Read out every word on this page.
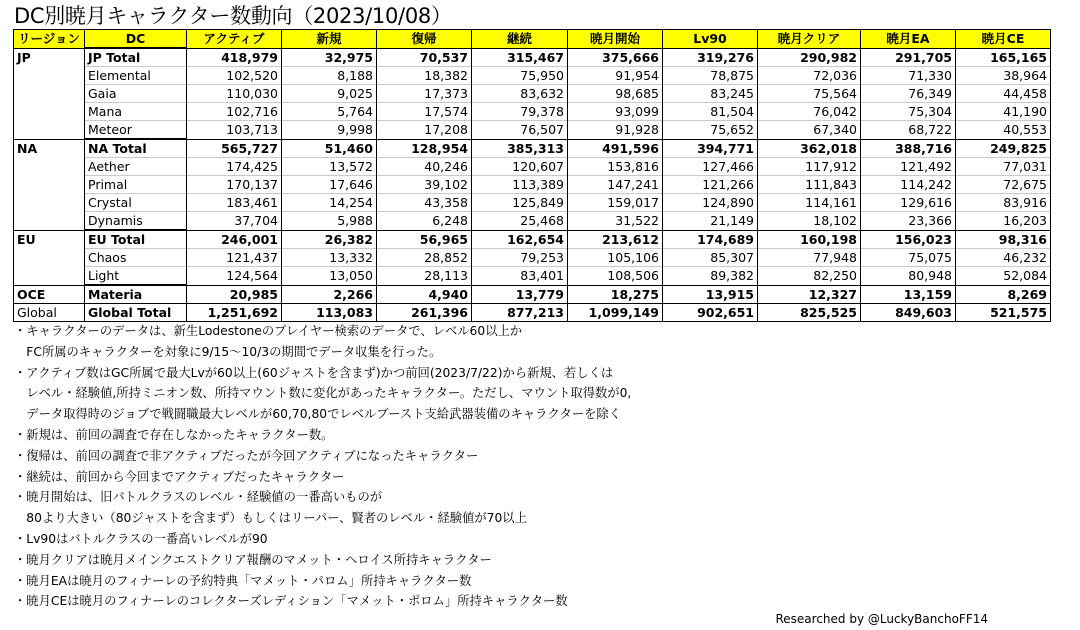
DC別暁月キャラクター数動向（2023/10/08）
リージョン	DC	アクティブ	新規	復帰	継続	暁月開始	Lv90	暁月クリア	暁月EA	暁月CE
JP	JP Total	418,979	32,975	70,537	315,467	375,666	319,276	290,982	291,705	165,165
	Elemental	102,520	8,188	18,382	75,950	91,954	78,875	72,036	71,330	38,964
	Gaia	110,030	9,025	17,373	83,632	98,685	83,245	75,564	76,349	44,458
	Mana	102,716	5,764	17,574	79,378	93,099	81,504	76,042	75,304	41,190
	Meteor	103,713	9,998	17,208	76,507	91,928	75,652	67,340	68,722	40,553
NA	NA Total	565,727	51,460	128,954	385,313	491,596	394,771	362,018	388,716	249,825
	Aether	174,425	13,572	40,246	120,607	153,816	127,466	117,912	121,492	77,031
	Primal	170,137	17,646	39,102	113,389	147,241	121,266	111,843	114,242	72,675
	Crystal	183,461	14,254	43,358	125,849	159,017	124,890	114,161	129,616	83,916
	Dynamis	37,704	5,988	6,248	25,468	31,522	21,149	18,102	23,366	16,203
EU	EU Total	246,001	26,382	56,965	162,654	213,612	174,689	160,198	156,023	98,316
	Chaos	121,437	13,332	28,852	79,253	105,106	85,307	77,948	75,075	46,232
	Light	124,564	13,050	28,113	83,401	108,506	89,382	82,250	80,948	52,084
OCE	Materia	20,985	2,266	4,940	13,779	18,275	13,915	12,327	13,159	8,269
Global	Global Total	1,251,692	113,083	261,396	877,213	1,099,149	902,651	825,525	849,603	521,575
・キャラクターのデータは、新生Lodestoneのプレイヤー検索のデータで、レベル60以上か
　FC所属のキャラクターを対象に9/15～10/3の期間でデータ収集を行った。
・アクティブ数はGC所属で最大Lvが60以上(60ジャストを含まず)かつ前回(2023/7/22)から新規、若しくは
　レベル・経験値,所持ミニオン数、所持マウント数に変化があったキャラクター。ただし、マウント取得数が0,
　データ取得時のジョブで戦闘職最大レベルが60,70,80でレベルブースト支給武器装備のキャラクターを除く
・新規は、前回の調査で存在しなかったキャラクター数。
・復帰は、前回の調査で非アクティブだったが今回アクティブになったキャラクター
・継続は、前回から今回までアクティブだったキャラクター
・暁月開始は、旧バトルクラスのレベル・経験値の一番高いものが
　80より大きい（80ジャストを含まず）もしくはリーパー、賢者のレベル・経験値が70以上
・Lv90はバトルクラスの一番高いレベルが90
・暁月クリアは暁月メインクエストクリア報酬のマメット・ヘロイス所持キャラクター
・暁月EAは暁月のフィナーレの予約特典「マメット・パロム」所持キャラクター数
・暁月CEは暁月のフィナーレのコレクターズレディション「マメット・ポロム」所持キャラクター数
Researched by @LuckyBanchoFF14
